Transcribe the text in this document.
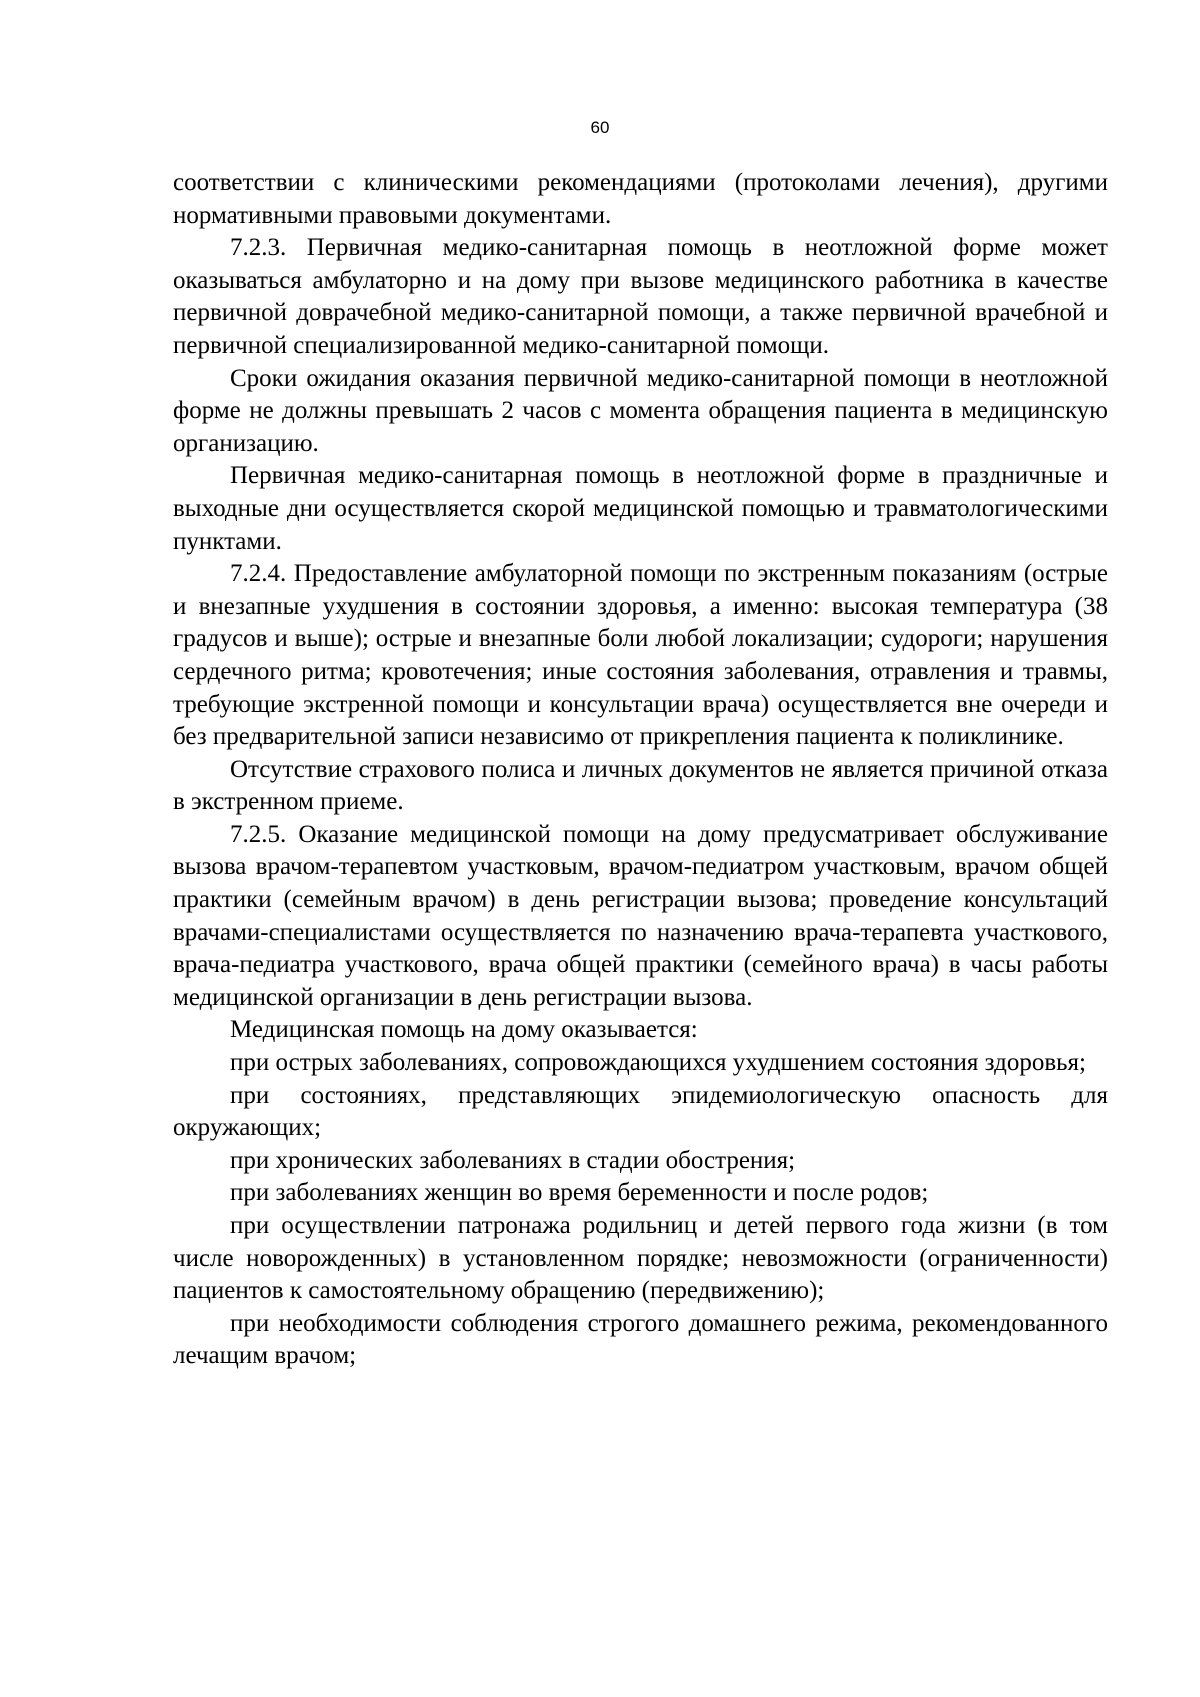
60

соответствии с клиническими рекомендациями (протоколами лечения), другими нормативными правовыми документами.

7.2.3. Первичная медико-санитарная помощь в неотложной форме может оказываться амбулаторно и на дому при вызове медицинского работника в качестве первичной доврачебной медико-санитарной помощи, а также первичной врачебной и первичной специализированной медико-санитарной помощи.

Сроки ожидания оказания первичной медико-санитарной помощи в неотложной форме не должны превышать 2 часов с момента обращения пациента в медицинскую организацию.

Первичная медико-санитарная помощь в неотложной форме в праздничные и выходные дни осуществляется скорой медицинской помощью и травматологическими пунктами.

7.2.4. Предоставление амбулаторной помощи по экстренным показаниям (острые и внезапные ухудшения в состоянии здоровья, а именно: высокая температура (38 градусов и выше); острые и внезапные боли любой локализации; судороги; нарушения сердечного ритма; кровотечения; иные состояния заболевания, отравления и травмы, требующие экстренной помощи и консультации врача) осуществляется вне очереди и без предварительной записи независимо от прикрепления пациента к поликлинике.

Отсутствие страхового полиса и личных документов не является причиной отказа в экстренном приеме.

7.2.5. Оказание медицинской помощи на дому предусматривает обслуживание вызова врачом-терапевтом участковым, врачом-педиатром участковым, врачом общей практики (семейным врачом) в день регистрации вызова; проведение консультаций врачами-специалистами осуществляется по назначению врача-терапевта участкового, врача-педиатра участкового, врача общей практики (семейного врача) в часы работы медицинской организации в день регистрации вызова.

Медицинская помощь на дому оказывается:

при острых заболеваниях, сопровождающихся ухудшением состояния здоровья;

при состояниях, представляющих эпидемиологическую опасность для окружающих;

при хронических заболеваниях в стадии обострения;

при заболеваниях женщин во время беременности и после родов;

при осуществлении патронажа родильниц и детей первого года жизни (в том числе новорожденных) в установленном порядке; невозможности (ограниченности) пациентов к самостоятельному обращению (передвижению);

при необходимости соблюдения строгого домашнего режима, рекомендованного лечащим врачом;
